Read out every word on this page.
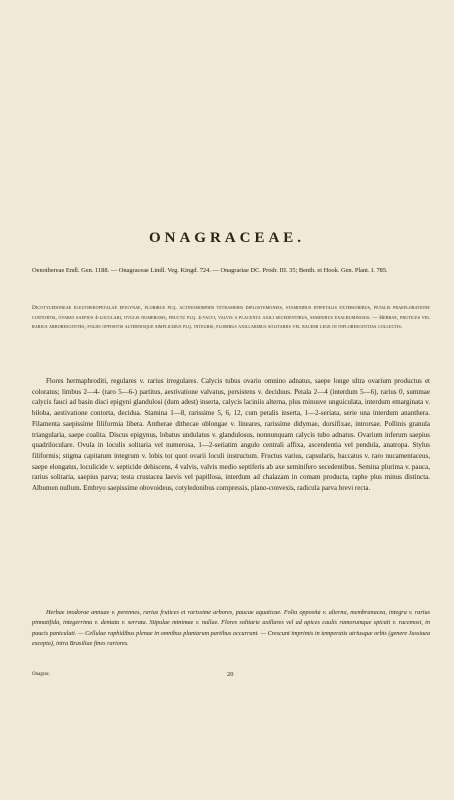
ONAGRACEAE.
Oenothereae Endl. Gen. 1188. — Onagraceae Lindl. Veg. Kingd. 724. — Onagrariae DC. Prodr. III. 35; Benth. et Hook. Gen. Plant. I. 785.
Dicotyledoneae eleutheropetalae epigynae, floribus plq. actinomorphis tetrameris diplostemoneis, staminibus epipetalis exterioribus, petalis praefloratione contortis, ovario saepius 4-loculari, ovulis numerosis, fructu plq. 4-valvi, valvis a placenta axili secedentibus, seminibus exalbuminosis. — Herbae, frutices vel rarius arborescentes, foliis oppositis alternisque simplicibus plq. integris, floribus axillaribus solitariis vel racemi lege in inflorescentias collectis.

Flores hermaphroditi, regulares v. rarius irregulares. Calycis tubus ovario omnino adnatus, saepe longe ultra ovarium productus et coloratus; limbus 2—4- (raro 5—6-) partitus, aestivatione valvatus, persistens v. deciduus. Petala 2—4 (interdum 5—6), rarius 0, summae calycis fauci ad basin disci epigyni glandulosi (dum adest) inserta, calycis laciniis alterna, plus minusve unguiculata, interdum emarginata v. biloba, aestivatione contorta, decidua. Stamina 1—8, rarissime 5, 6, 12, cum petalis inserta, 1—2-seriata, serie una interdum anantherа. Filamenta saepissime filiformia libera. Antherae dithecae oblongae v. lineares, rarissime didymae, dorsifixae, introrsae. Pollinis granula triangularia, saepe coalita. Discus epigynus, lobatus undulatus v. glandulosus, nonnunquam calycis tubo adnatus. Ovarium inferum saepius quadriloculare. Ovula in loculis solitaria vel numerosa, 1—2-seriatim angulo centrali affixa, ascendentia vel pendula, anatropa. Stylus filiformis; stigma capitatum integrum v. lobis tot quot ovarii loculi instructum. Fructus varius, capsularis, baccatus v. raro nucamentaceus, saepe elongatus, loculicide v. septicide dehiscens, 4 valvis, valvis medio septiferis ab axe seminifero secedentibus. Semina plurima v. pauca, rarius solitaria, saepius parva; testa crustacea laevis vel papillosa, interdum ad chalazam in comam producta, raphe plus minus distincta. Albumen nullum. Embryo saepissime obovoideus, cotyledonibus compressis, plano-convexis, radicula parva brevi recta.

Herbae inodorae annuae v. perennes, rarius frutices et rarissime arbores, paucae aquaticae. Folia opposita v. alterna, membranacea, integra v. rarius pinnatifida, integerrima v. dentata v. serrata. Stipulae minimae v. nullae. Flores solitarie axillares vel ad apices caulis ramorumque spicati v. racemosi, in paucis paniculati. — Cellulae raphidibus plenae in omnibus plantarum partibus occurrunt. — Crescunt imprimis in temperatis utriusque orbis (genere Jussiaea excepto), intra Brasiliae fines rariores.

Onagrac.	20
